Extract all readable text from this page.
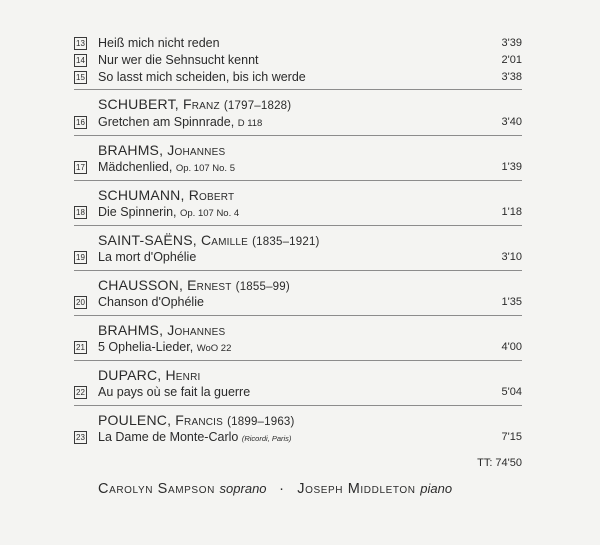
13 Heiß mich nicht reden	3'39
14 Nur wer die Sehnsucht kennt	2'01
15 So lasst mich scheiden, bis ich werde	3'38
SCHUBERT, Franz (1797–1828)
16 Gretchen am Spinnrade, D 118	3'40
BRAHMS, Johannes
17 Mädchenlied, Op. 107 No. 5	1'39
SCHUMANN, Robert
18 Die Spinnerin, Op. 107 No. 4	1'18
SAINT-SAËNS, Camille (1835–1921)
19 La mort d'Ophélie	3'10
CHAUSSON, Ernest (1855–99)
20 Chanson d'Ophélie	1'35
BRAHMS, Johannes
21 5 Ophelia-Lieder, WoO 22	4'00
DUPARC, Henri
22 Au pays où se fait la guerre	5'04
POULENC, Francis (1899–1963)
23 La Dame de Monte-Carlo (Ricordi, Paris)	7'15
TT: 74'50
Carolyn Sampson soprano · Joseph Middleton piano
